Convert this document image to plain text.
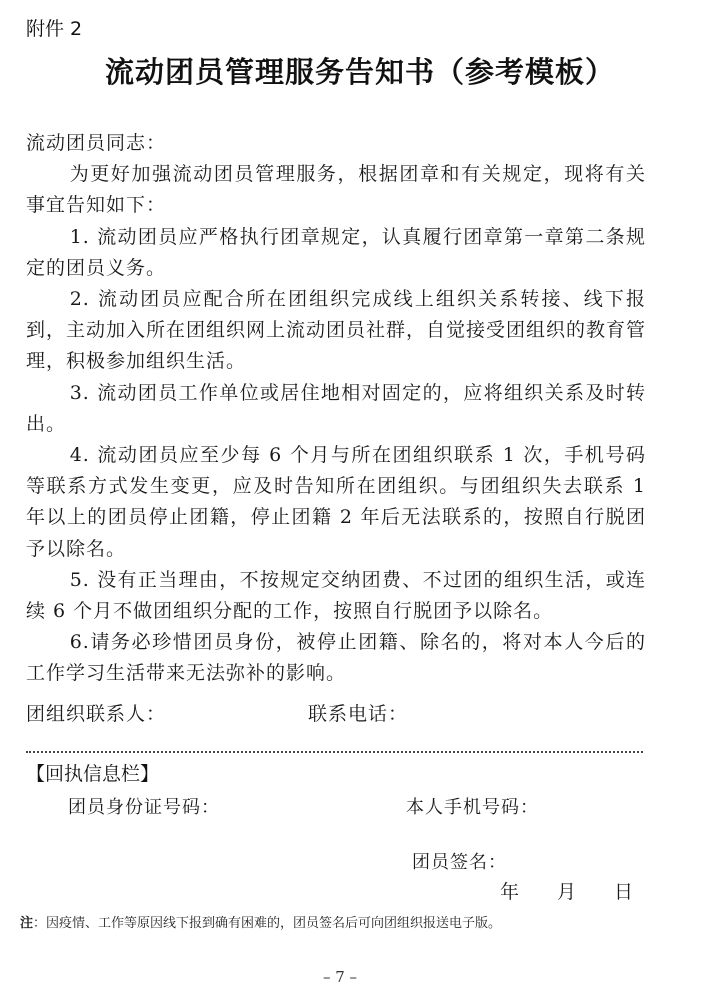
附件 2
流动团员管理服务告知书（参考模板）

流动团员同志：

为更好加强流动团员管理服务，根据团章和有关规定，现将有关事宜告知如下：

1. 流动团员应严格执行团章规定，认真履行团章第一章第二条规定的团员义务。

2. 流动团员应配合所在团组织完成线上组织关系转接、线下报到，主动加入所在团组织网上流动团员社群，自觉接受团组织的教育管理，积极参加组织生活。

3. 流动团员工作单位或居住地相对固定的，应将组织关系及时转出。

4. 流动团员应至少每 6 个月与所在团组织联系 1 次，手机号码等联系方式发生变更，应及时告知所在团组织。与团组织失去联系 1 年以上的团员停止团籍，停止团籍 2 年后无法联系的，按照自行脱团予以除名。

5. 没有正当理由，不按规定交纳团费、不过团的组织生活，或连续 6 个月不做团组织分配的工作，按照自行脱团予以除名。

6.请务必珍惜团员身份，被停止团籍、除名的，将对本人今后的工作学习生活带来无法弥补的影响。

团组织联系人：	联系电话：
【回执信息栏】
团员身份证号码：	本人手机号码：
团员签名：
年 月 日
注：因疫情、工作等原因线下报到确有困难的，团员签名后可向团组织报送电子版。
– 7 –
